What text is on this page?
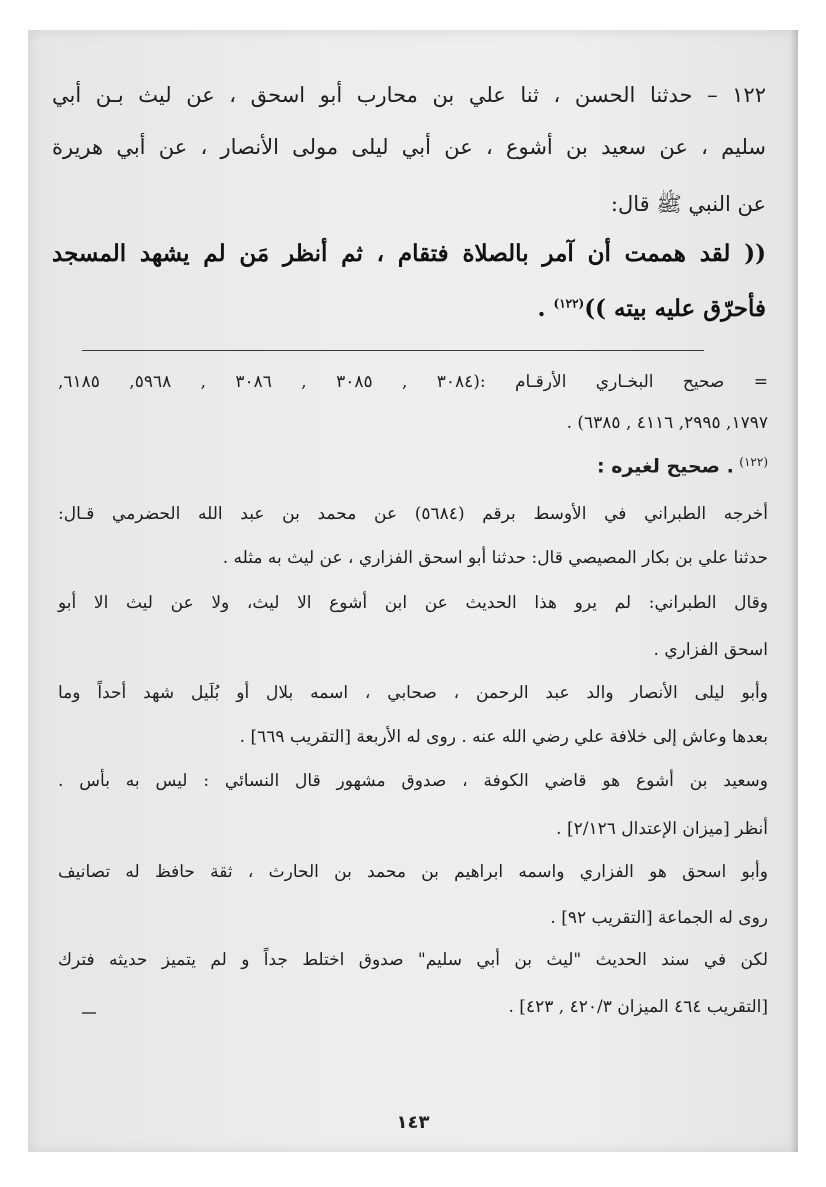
١٢٢ – حدثنا الحسن ، ثنا علي بن محارب أبو اسحق ، عن ليث بـن أبي
سليم ، عن سعيد بن أشوع ، عن أبي ليلى مولى الأنصار ، عن أبي هريرة
عن النبي ﷺ قال:
(( لقد هممت أن آمر بالصلاة فتقام ، ثم أنظر مَن لم يشهد المسجد
فأحرّق عليه بيته ))$^{(١٢٢)}$ .
= صحيح البخـاري الأرقـام :(٣٠٨٤ , ٣٠٨٥ , ٣٠٨٦ , ٥٩٦٨, ٦١٨٥,
١٧٩٧, ٢٩٩٥, ٤١١٦ , ٦٣٨٥) .
$^{(١٢٢)}$ . صحيح لغيره :
أخرجه الطبراني في الأوسط برقم (٥٦٨٤) عن محمد بن عبد الله الحضرمي قـال:
حدثنا علي بن بكار المصيصي قال: حدثنا أبو اسحق الفزاري ، عن ليث به مثله .
وقال الطبراني: لم يرو هذا الحديث عن ابن أشوع الا ليث، ولا عن ليث الا أبو
اسحق الفزاري .
وأبو ليلى الأنصار والد عبد الرحمن ، صحابي ، اسمه بلال أو بُلَيل شهد أحداً وما
بعدها وعاش إلى خلافة علي رضي الله عنه . روى له الأربعة [التقريب ٦٦٩] .
وسعيد بن أشوع هو قاضي الكوفة ، صدوق مشهور قال النسائي : ليس به بأس .
أنظر [ميزان الإعتدال ٢/١٢٦] .
وأبو اسحق هو الفزاري واسمه ابراهيم بن محمد بن الحارث ، ثقة حافظ له تصانيف
روى له الجماعة [التقريب ٩٢] .
لكن في سند الحديث "ليث بن أبي سليم" صدوق اختلط جداً و لم يتميز حديثه فترك
[التقريب ٤٦٤ الميزان ٤٢٠/٣ , ٤٢٣] .
١٤٣
